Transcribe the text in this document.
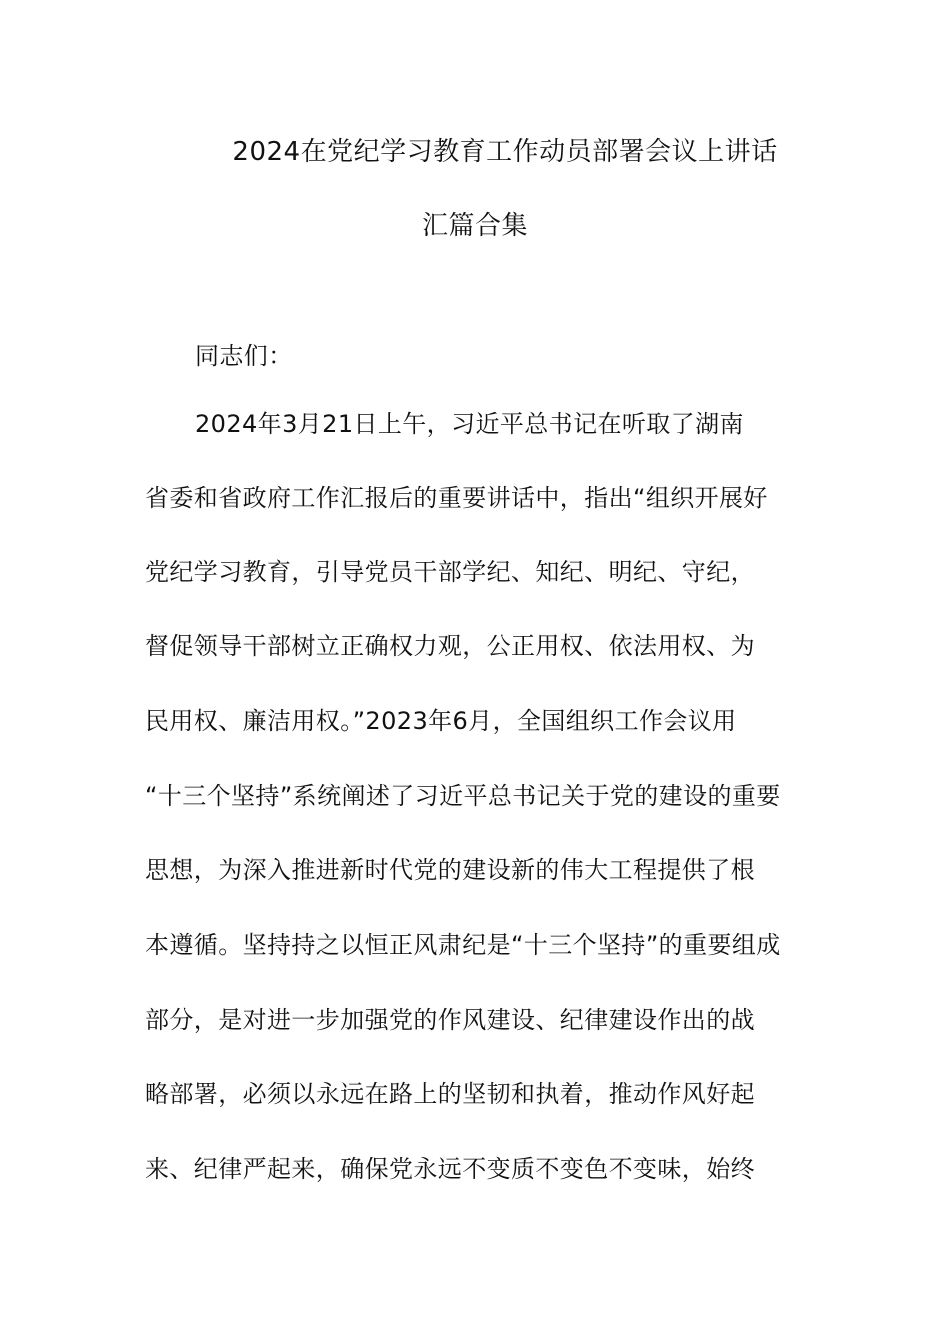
2024在党纪学习教育工作动员部署会议上讲话
汇篇合集
同志们：
2024年3月21日上午，习近平总书记在听取了湖南
省委和省政府工作汇报后的重要讲话中，指出“组织开展好
党纪学习教育，引导党员干部学纪、知纪、明纪、守纪，
督促领导干部树立正确权力观，公正用权、依法用权、为
民用权、廉洁用权。”2023年6月，全国组织工作会议用
“十三个坚持”系统阐述了习近平总书记关于党的建设的重要
思想，为深入推进新时代党的建设新的伟大工程提供了根
本遵循。坚持持之以恒正风肃纪是“十三个坚持”的重要组成
部分，是对进一步加强党的作风建设、纪律建设作出的战
略部署，必须以永远在路上的坚韧和执着，推动作风好起
来、纪律严起来，确保党永远不变质不变色不变味，始终
